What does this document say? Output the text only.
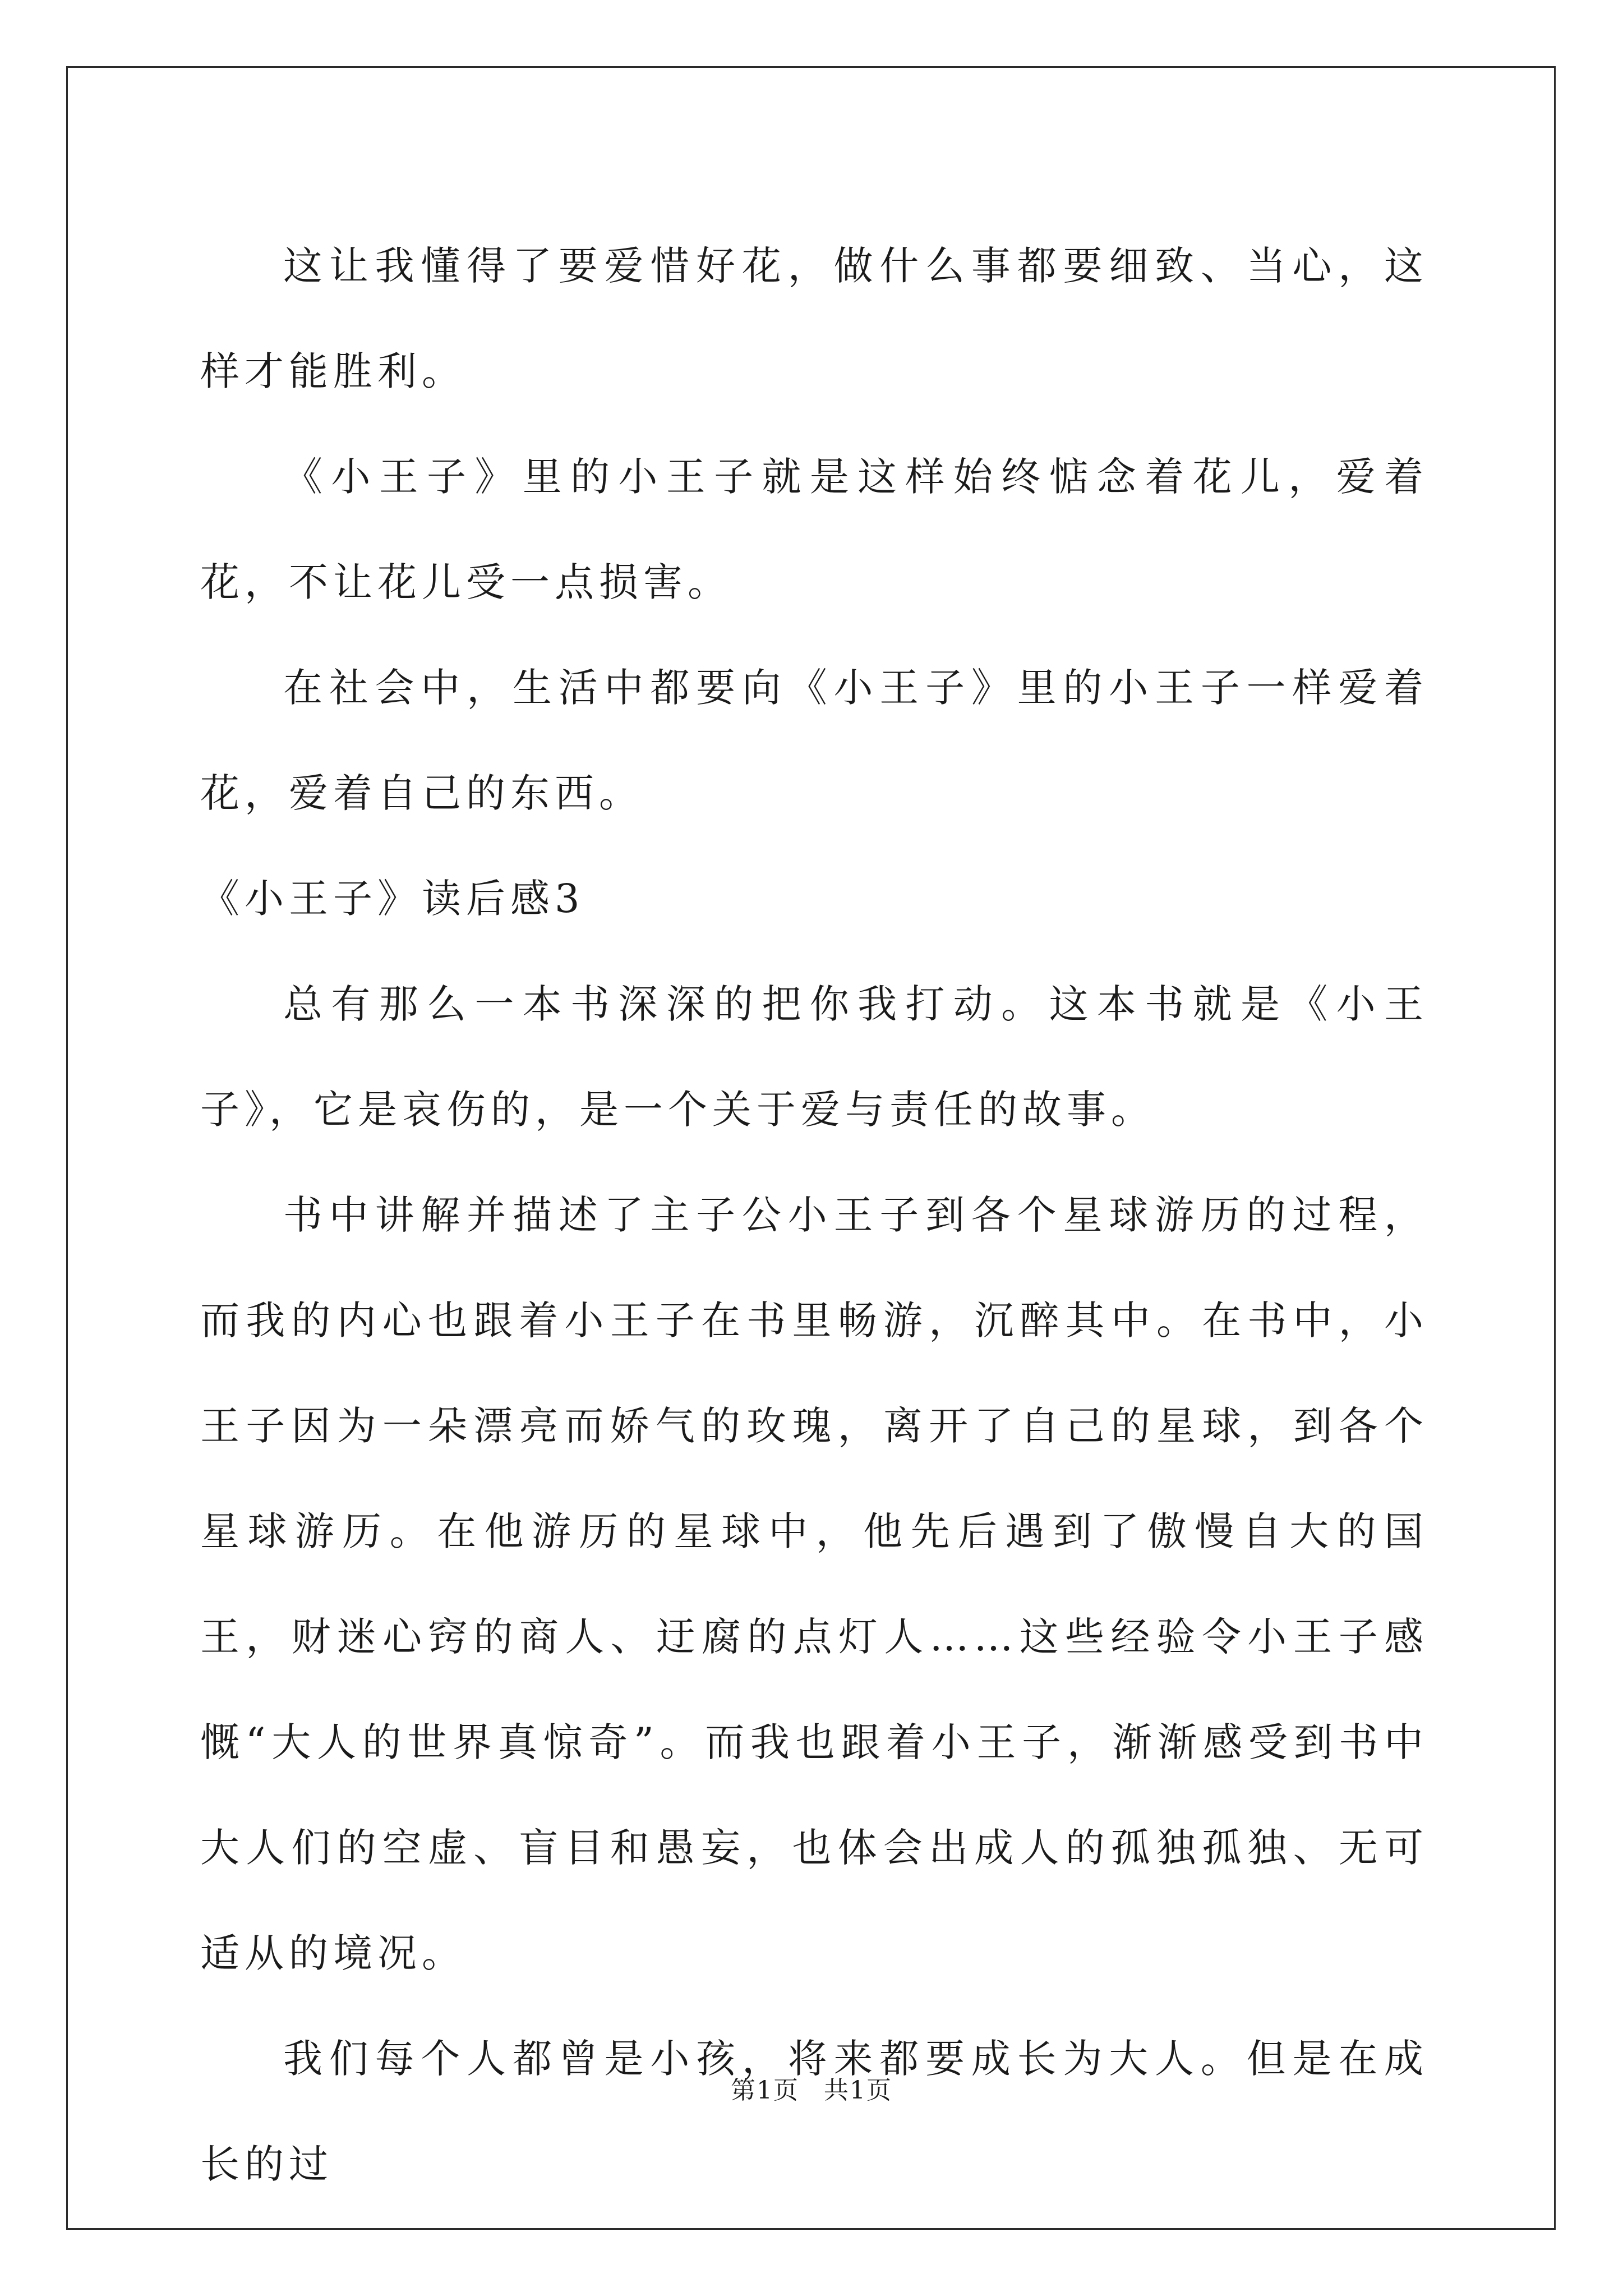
这让我懂得了要爱惜好花，做什么事都要细致、当心，这样才能胜利。

《小王子》里的小王子就是这样始终惦念着花儿，爱着花，不让花儿受一点损害。

在社会中，生活中都要向《小王子》里的小王子一样爱着花，爱着自己的东西。

《小王子》读后感3

总有那么一本书深深的把你我打动。这本书就是《小王子》，它是哀伤的，是一个关于爱与责任的故事。

书中讲解并描述了主子公小王子到各个星球游历的过程，而我的内心也跟着小王子在书里畅游，沉醉其中。在书中，小王子因为一朵漂亮而娇气的玫瑰，离开了自己的星球，到各个星球游历。在他游历的星球中，他先后遇到了傲慢自大的国王，财迷心窍的商人、迂腐的点灯人……这些经验令小王子感慨“大人的世界真惊奇”。而我也跟着小王子，渐渐感受到书中大人们的空虚、盲目和愚妄，也体会出成人的孤独孤独、无可适从的境况。

我们每个人都曾是小孩，将来都要成长为大人。但是在成长的过

第1页 共1页
